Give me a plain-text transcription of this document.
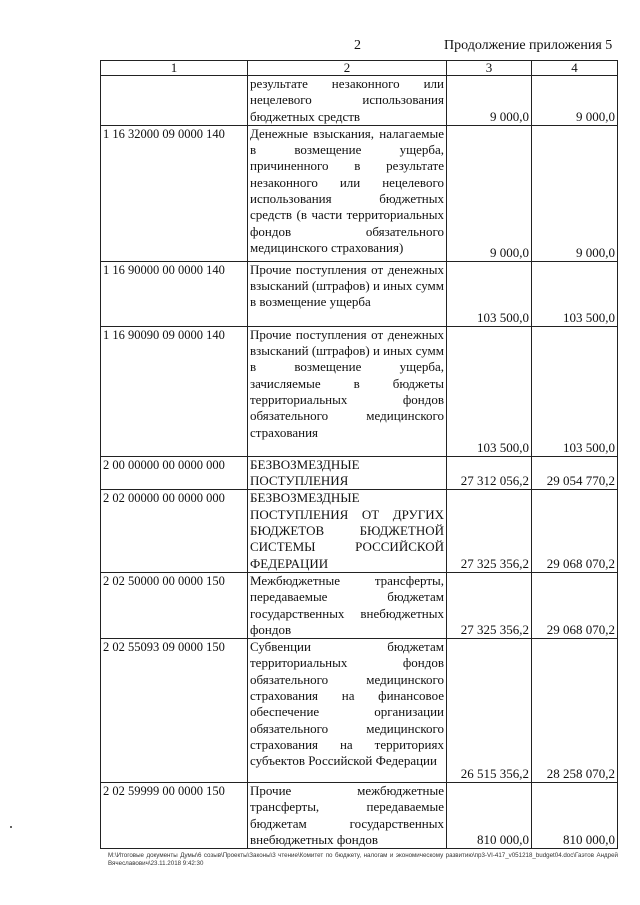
2	Продолжение приложения 5
1	2	3	4
	результате незаконного или нецелевого использования бюджетных средств	9 000,0	9 000,0
1 16 32000 09 0000 140	Денежные взыскания, налагаемые в возмещение ущерба, причиненного в результате незаконного или нецелевого использования бюджетных средств (в части территориальных фондов обязательного медицинского страхования)	9 000,0	9 000,0
1 16 90000 00 0000 140	Прочие поступления от денежных взысканий (штрафов) и иных сумм в возмещение ущерба	103 500,0	103 500,0
1 16 90090 09 0000 140	Прочие поступления от денежных взысканий (штрафов) и иных сумм в возмещение ущерба, зачисляемые в бюджеты территориальных фондов обязательного медицинского страхования	103 500,0	103 500,0
2 00 00000 00 0000 000	БЕЗВОЗМЕЗДНЫЕ ПОСТУПЛЕНИЯ	27 312 056,2	29 054 770,2
2 02 00000 00 0000 000	БЕЗВОЗМЕЗДНЫЕ ПОСТУПЛЕНИЯ ОТ ДРУГИХ БЮДЖЕТОВ БЮДЖЕТНОЙ СИСТЕМЫ РОССИЙСКОЙ ФЕДЕРАЦИИ	27 325 356,2	29 068 070,2
2 02 50000 00 0000 150	Межбюджетные трансферты, передаваемые бюджетам государственных внебюджетных фондов	27 325 356,2	29 068 070,2
2 02 55093 09 0000 150	Субвенции бюджетам территориальных фондов обязательного медицинского страхования на финансовое обеспечение организации обязательного медицинского страхования на территориях субъектов Российской Федерации	26 515 356,2	28 258 070,2
2 02 59999 00 0000 150	Прочие межбюджетные трансферты, передаваемые бюджетам государственных внебюджетных фондов	810 000,0	810 000,0
M:\Итоговые документы Думы\6 созыв\Проекты\Законы\3 чтение\Комитет по бюджету, налогам и экономическому развитию\пр3-VI-417_v051218_budget04.doc\Гаэтов Андрей Вячеславович\23.11.2018 9:42:30
